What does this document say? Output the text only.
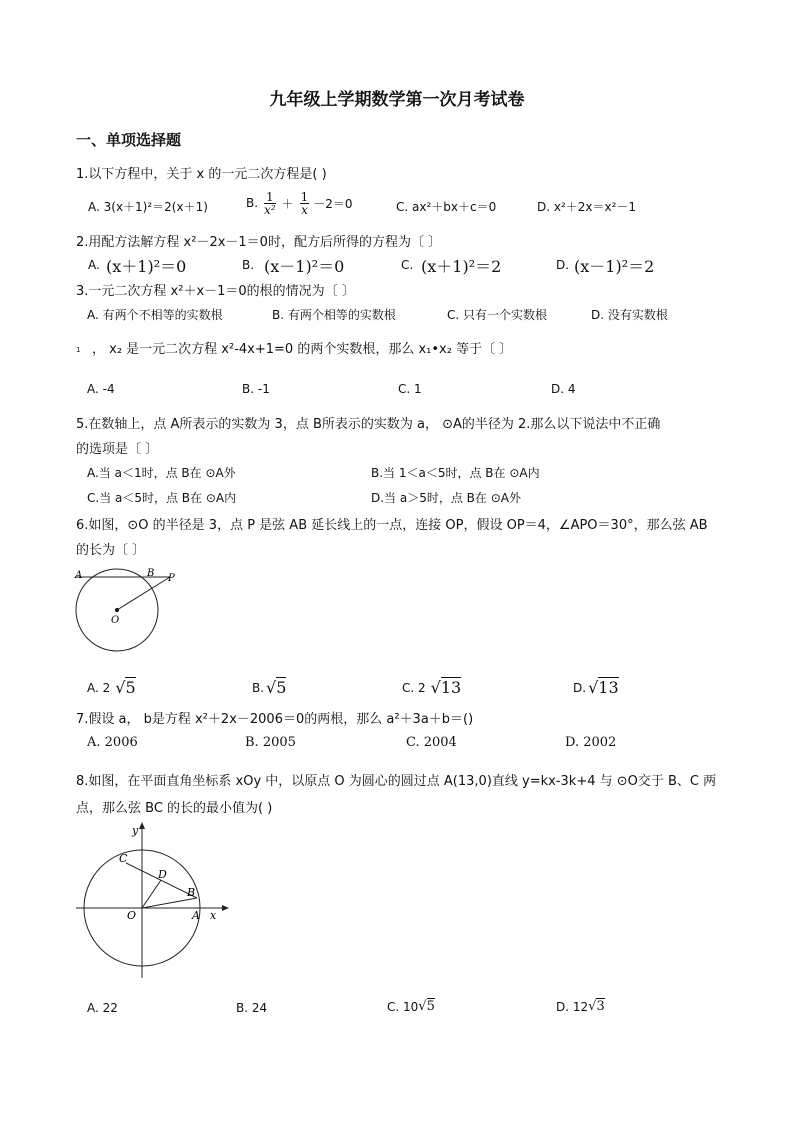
九年级上学期数学第一次月考试卷
一、单项选择题
1.以下方程中，关于 x 的一元二次方程是( )
A. 3(x＋1)²＝2(x＋1)	B. $\frac{1}{\text{x²}} + \frac{1}{x} -2=0$	C. ax²＋bx＋c＝0	D. x²＋2x＝x²－1
2.用配方法解方程 x²－2x－1＝0时，配方后所得的方程为〔 〕
A. (x＋1)²＝0	B. (x－1)²＝0	C. (x＋1)²＝2	D. (x－1)²＝2
3.一元二次方程 x²＋x－1＝0的根的情况为〔 〕
A. 有两个不相等的实数根	B. 有两个相等的实数根	C. 只有一个实数根	D. 没有实数根
1 ， x₂ 是一元二次方程 x²-4x+1=0 的两个实数根，那么 x₁•x₂ 等于〔 〕
A. -4	B. -1	C. 1	D. 4
5.在数轴上，点 A所表示的实数为 3，点 B所表示的实数为 a， ⊙A的半径为 2.那么以下说法中不正确
的选项是〔 〕
A.当 a＜1时，点 B在 ⊙A外	B.当 1＜a＜5时，点 B在 ⊙A内
C.当 a＜5时，点 B在 ⊙A内	D.当 a＞5时，点 B在 ⊙A外
6.如图，⊙O 的半径是 3，点 P 是弦 AB 延长线上的一点，连接 OP，假设 OP＝4，∠APO＝30°，那么弦 AB
的长为〔 〕
A	B P
O
A. 2 √5	B. √5	C. 2 √13	D. √13
7.假设 a， b是方程 x²＋2x－2006＝0的两根，那么 a²＋3a＋b＝()
A. 2006	B. 2005	C. 2004	D. 2002
8.如图，在平面直角坐标系 xOy 中，以原点 O 为圆心的圆过点 A(13,0)直线 y=kx-3k+4 与 ⊙O交于 B、C 两
点，那么弦 BC 的长的最小值为( )
y
x
C
D
B
O	A
A. 22	B. 24	C. 10 √5	D. 12 √3
